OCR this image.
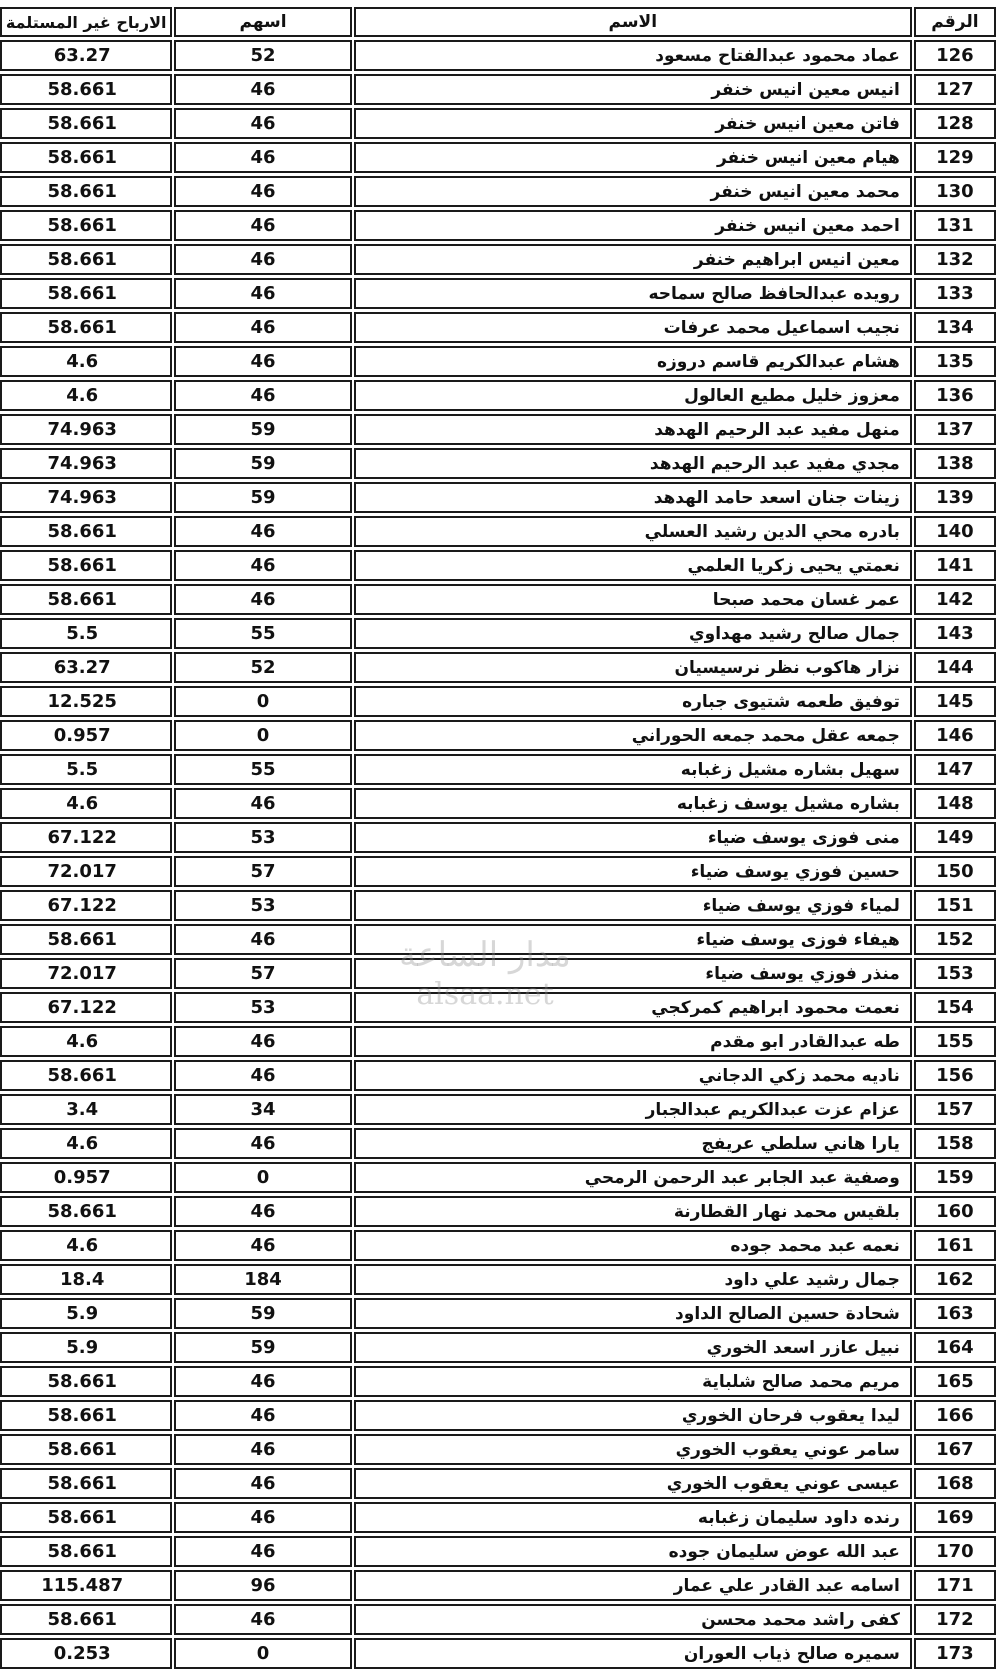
الرقم	الاسم	اسهم	الارباح غير المستلمة
126	عماد محمود عبدالفتاح مسعود	52	63.27
127	انيس معين انيس خنفر	46	58.661
128	فاتن معين انيس خنفر	46	58.661
129	هيام معين انيس خنفر	46	58.661
130	محمد معين انيس خنفر	46	58.661
131	احمد معين انيس خنفر	46	58.661
132	معين انيس ابراهيم خنفر	46	58.661
133	رويده عبدالحافظ صالح سماحه	46	58.661
134	نجيب اسماعيل محمد عرفات	46	58.661
135	هشام عبدالكريم قاسم دروزه	46	4.6
136	معزوز خليل مطيع العالول	46	4.6
137	منهل مفيد عبد الرحيم الهدهد	59	74.963
138	مجدي مفيد عبد الرحيم الهدهد	59	74.963
139	زينات جنان اسعد حامد الهدهد	59	74.963
140	بادره محي الدين رشيد العسلي	46	58.661
141	نعمتي يحيى زكريا العلمي	46	58.661
142	عمر غسان محمد صبحا	46	58.661
143	جمال صالح رشيد مهداوي	55	5.5
144	نزار هاكوب نظر نرسيسيان	52	63.27
145	توفيق طعمه شتيوى جباره	0	12.525
146	جمعه عقل محمد جمعه الحوراني	0	0.957
147	سهيل بشاره مشيل زغبابه	55	5.5
148	بشاره مشيل يوسف زغبابه	46	4.6
149	منى فوزى يوسف ضياء	53	67.122
150	حسين فوزي يوسف ضياء	57	72.017
151	لمياء فوزي يوسف ضياء	53	67.122
152	هيفاء فوزى يوسف ضياء	46	58.661
153	منذر فوزي يوسف ضياء	57	72.017
154	نعمت محمود ابراهيم كمركجي	53	67.122
155	طه عبدالقادر ابو مقدم	46	4.6
156	ناديه محمد زكي الدجاني	46	58.661
157	عزام عزت عبدالكريم عبدالجبار	34	3.4
158	يارا هاني سلطي عريفج	46	4.6
159	وصفية عبد الجابر عبد الرحمن الرمحي	0	0.957
160	بلقيس محمد نهار القطارنة	46	58.661
161	نعمه عبد محمد جوده	46	4.6
162	جمال رشيد علي داود	184	18.4
163	شحادة حسين الصالح الداود	59	5.9
164	نبيل عازر اسعد الخوري	59	5.9
165	مريم محمد صالح شلباية	46	58.661
166	ليدا يعقوب فرحان الخوري	46	58.661
167	سامر عوني يعقوب الخوري	46	58.661
168	عيسى عوني يعقوب الخوري	46	58.661
169	رنده داود سليمان زغبابه	46	58.661
170	عبد الله عوض سليمان جوده	46	58.661
171	اسامه عبد القادر علي عمار	96	115.487
172	كفى راشد محمد محسن	46	58.661
173	سميره صالح ذياب العوران	0	0.253
مدار الساعة
alsaa.net
